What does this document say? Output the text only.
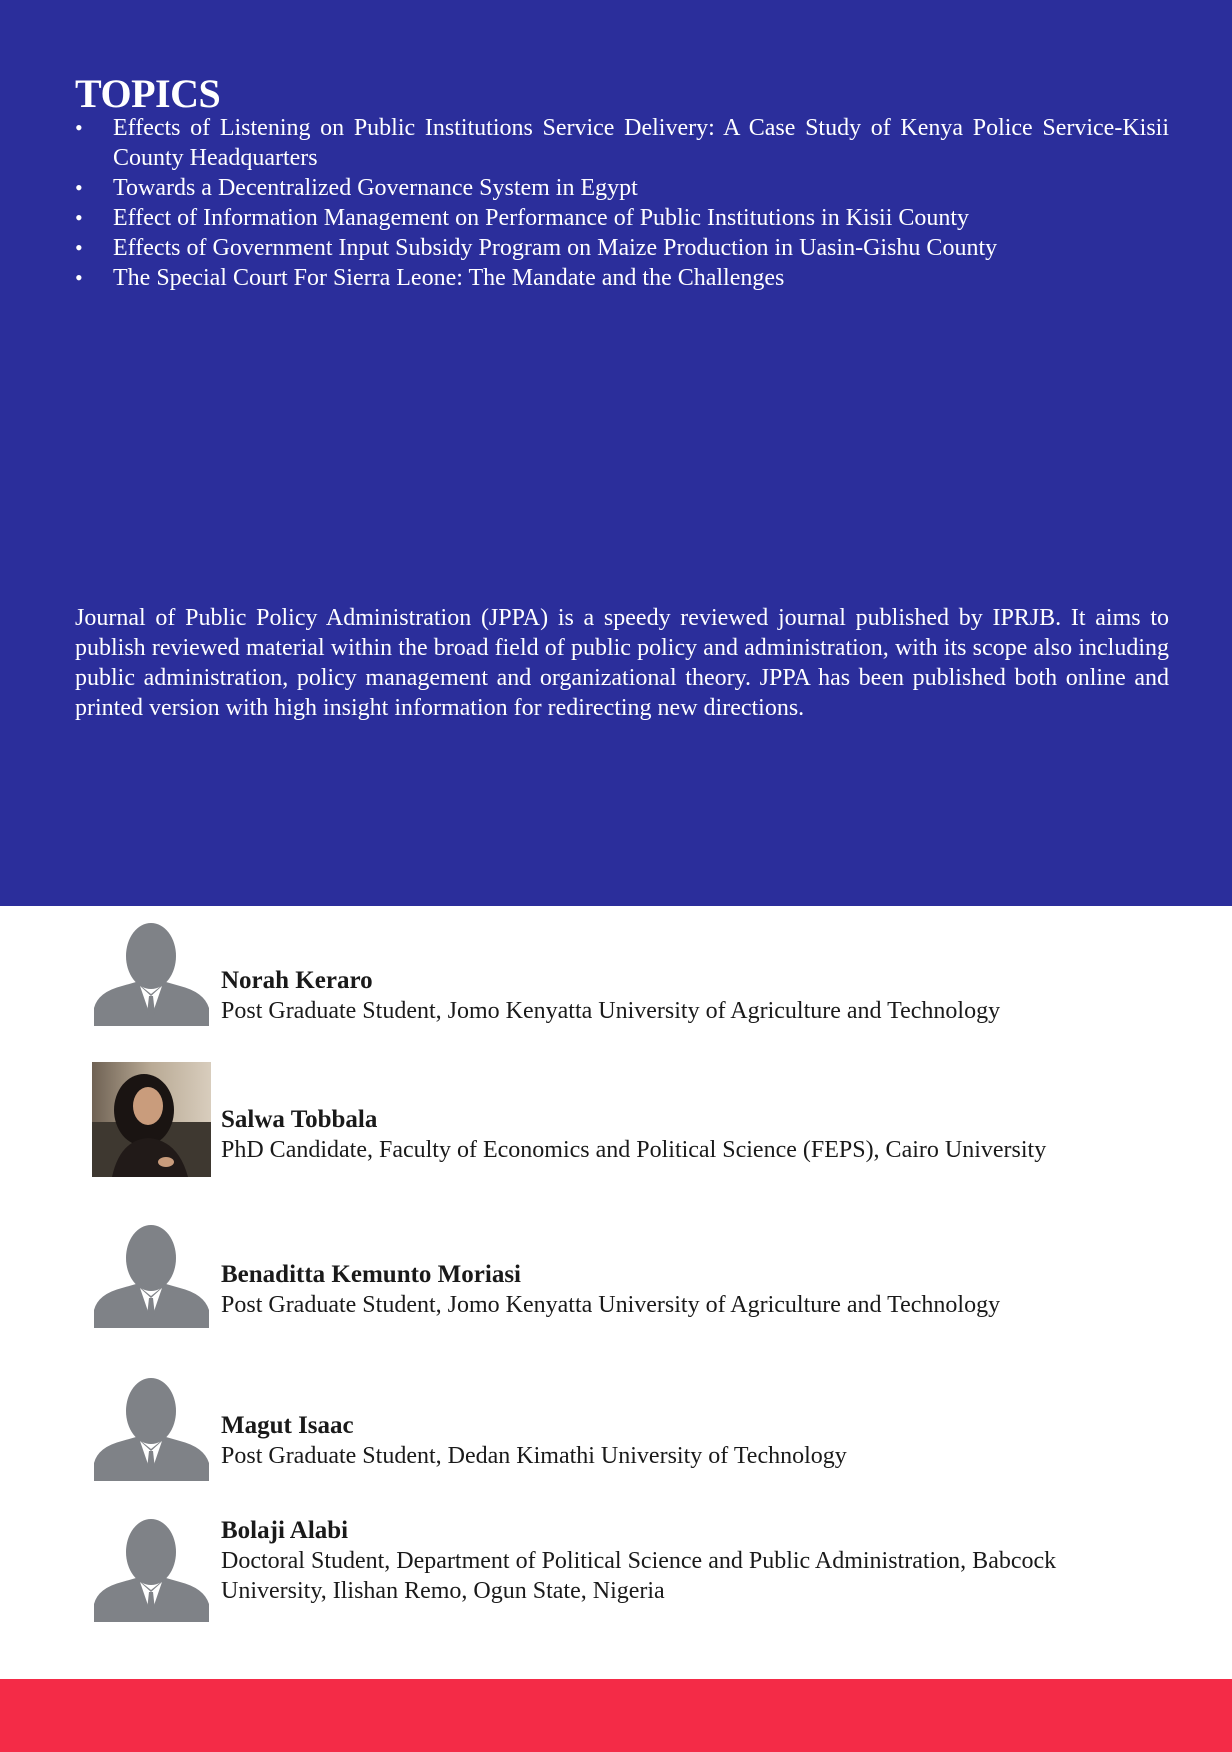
TOPICS
•	Effects of Listening on Public Institutions Service Delivery: A Case Study of Kenya Police Service-Kisii County Headquarters
•	Towards a Decentralized Governance System in Egypt
•	Effect of Information Management on Performance of Public Institutions in Kisii County
•	Effects of Government Input Subsidy Program on Maize Production in Uasin-Gishu County
•	The Special Court For Sierra Leone: The Mandate and the Challenges

Journal of Public Policy Administration (JPPA) is a speedy reviewed journal published by IPRJB. It aims to publish reviewed material within the broad field of public policy and administration, with its scope also including public administration, policy management and organizational theory. JPPA has been published both online and printed version with high insight information for redirecting new directions.

Norah Keraro
Post Graduate Student, Jomo Kenyatta University of Agriculture and Technology
Salwa Tobbala
PhD Candidate, Faculty of Economics and Political Science (FEPS), Cairo University
Benaditta Kemunto Moriasi
Post Graduate Student, Jomo Kenyatta University of Agriculture and Technology
Magut Isaac
Post Graduate Student, Dedan Kimathi University of Technology
Bolaji Alabi
Doctoral Student, Department of Political Science and Public Administration, Babcock University, Ilishan Remo, Ogun State, Nigeria
